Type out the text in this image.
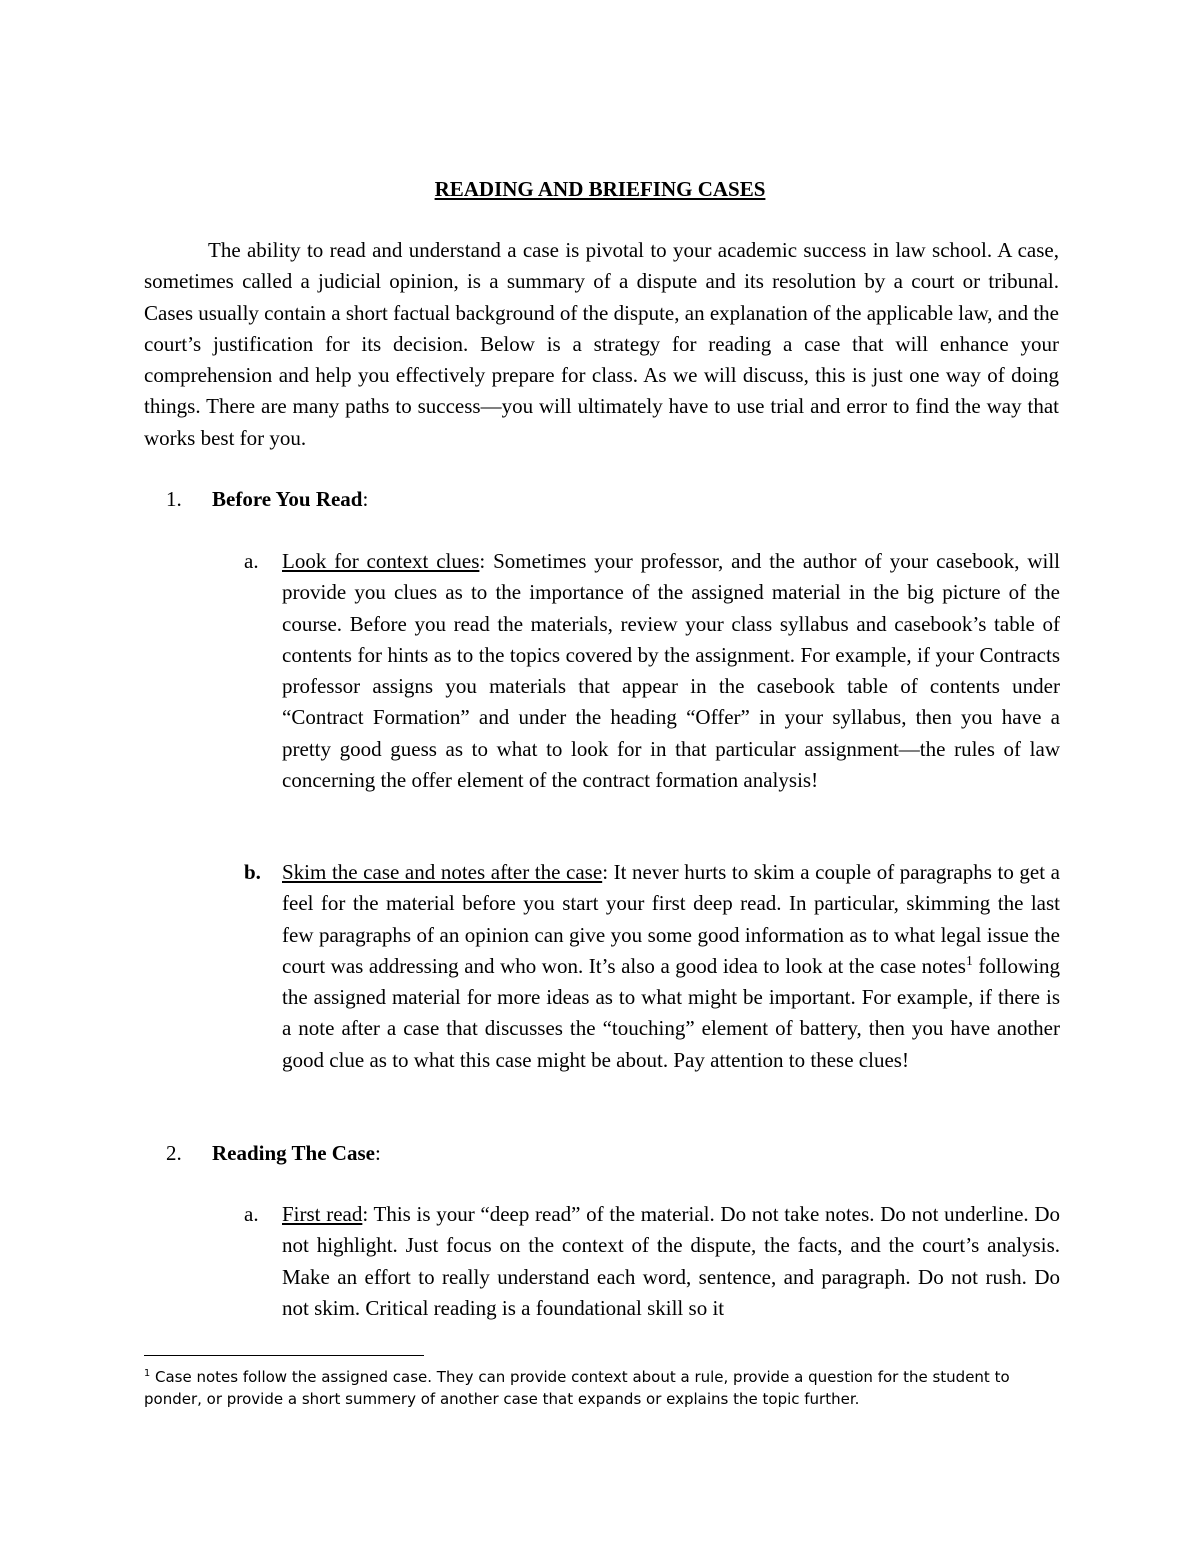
READING AND BRIEFING CASES

The ability to read and understand a case is pivotal to your academic success in law school. A case, sometimes called a judicial opinion, is a summary of a dispute and its resolution by a court or tribunal. Cases usually contain a short factual background of the dispute, an explanation of the applicable law, and the court’s justification for its decision. Below is a strategy for reading a case that will enhance your comprehension and help you effectively prepare for class. As we will discuss, this is just one way of doing things. There are many paths to success—you will ultimately have to use trial and error to find the way that works best for you.

1. Before You Read:
a. Look for context clues: Sometimes your professor, and the author of your casebook, will provide you clues as to the importance of the assigned material in the big picture of the course. Before you read the materials, review your class syllabus and casebook’s table of contents for hints as to the topics covered by the assignment. For example, if your Contracts professor assigns you materials that appear in the casebook table of contents under “Contract Formation” and under the heading “Offer” in your syllabus, then you have a pretty good guess as to what to look for in that particular assignment—the rules of law concerning the offer element of the contract formation analysis!

b. Skim the case and notes after the case: It never hurts to skim a couple of paragraphs to get a feel for the material before you start your first deep read. In particular, skimming the last few paragraphs of an opinion can give you some good information as to what legal issue the court was addressing and who won. It’s also a good idea to look at the case notes$^1$ following the assigned material for more ideas as to what might be important. For example, if there is a note after a case that discusses the “touching” element of battery, then you have another good clue as to what this case might be about. Pay attention to these clues!

2. Reading The Case:
a. First read: This is your “deep read” of the material. Do not take notes. Do not underline. Do not highlight. Just focus on the context of the dispute, the facts, and the court’s analysis. Make an effort to really understand each word, sentence, and paragraph. Do not rush. Do not skim. Critical reading is a foundational skill so it

$^1$ Case notes follow the assigned case. They can provide context about a rule, provide a question for the student to ponder, or provide a short summery of another case that expands or explains the topic further.
